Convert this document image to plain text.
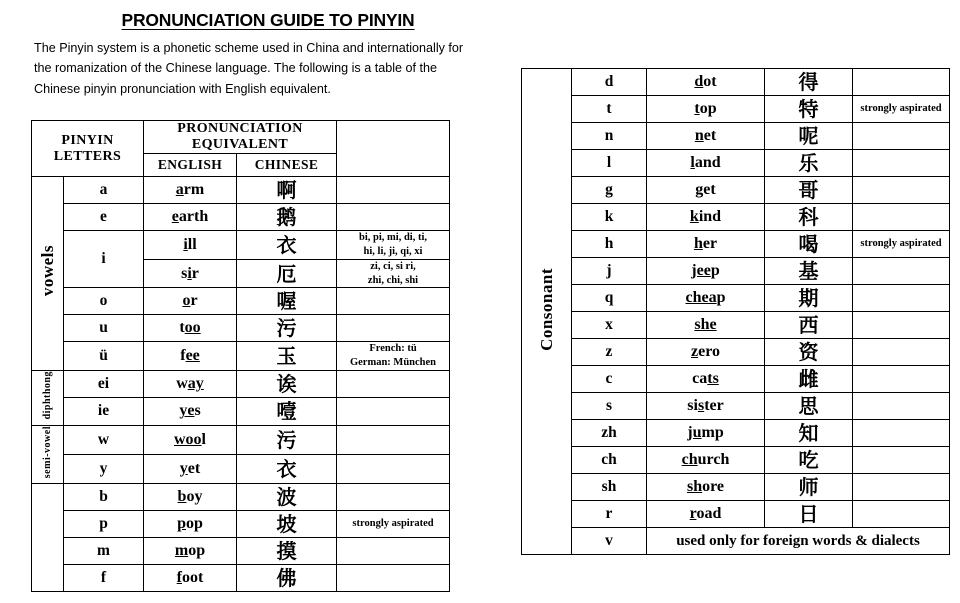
PRONUNCIATION GUIDE TO PINYIN

The Pinyin system is a phonetic scheme used in China and internationally for the romanization of the Chinese language. The following is a table of the Chinese pinyin pronunciation with English equivalent.

PINYIN LETTERS		PRONUNCIATION EQUIVALENT		
		ENGLISH	CHINESE	
vowels	a	arm	啊	
	e	earth	鹅	
	i	ill	衣	bi, pi, mi, di, ti,
hi, li, ji, qi, xi
		sir	厄	zi, ci, si ri,
zhi, chi, shi
	o	or	喔	
	u	too	污	
	ü	fee	玉	French: tü
German: München
diphthong	ei	way	诶	
	ie	yes	噎	
semi-vowel	w	wool	污	
	y	yet	衣	
	b	boy	波	
	p	pop	坡	strongly aspirated
	m	mop	摸	
	f	foot	佛	
Consonant	d	dot	得	
	t	top	特	strongly aspirated
	n	net	呢	
	l	land	乐	
	g	get	哥	
	k	kind	科	
	h	her	喝	strongly aspirated
	j	jeep	基	
	q	cheap	期	
	x	she	西	
	z	zero	资	
	c	cats	雌	
	s	sister	思	
	zh	jump	知	
	ch	church	吃	
	sh	shore	师	
	r	road	日	
	v	used only for foreign words & dialects		
